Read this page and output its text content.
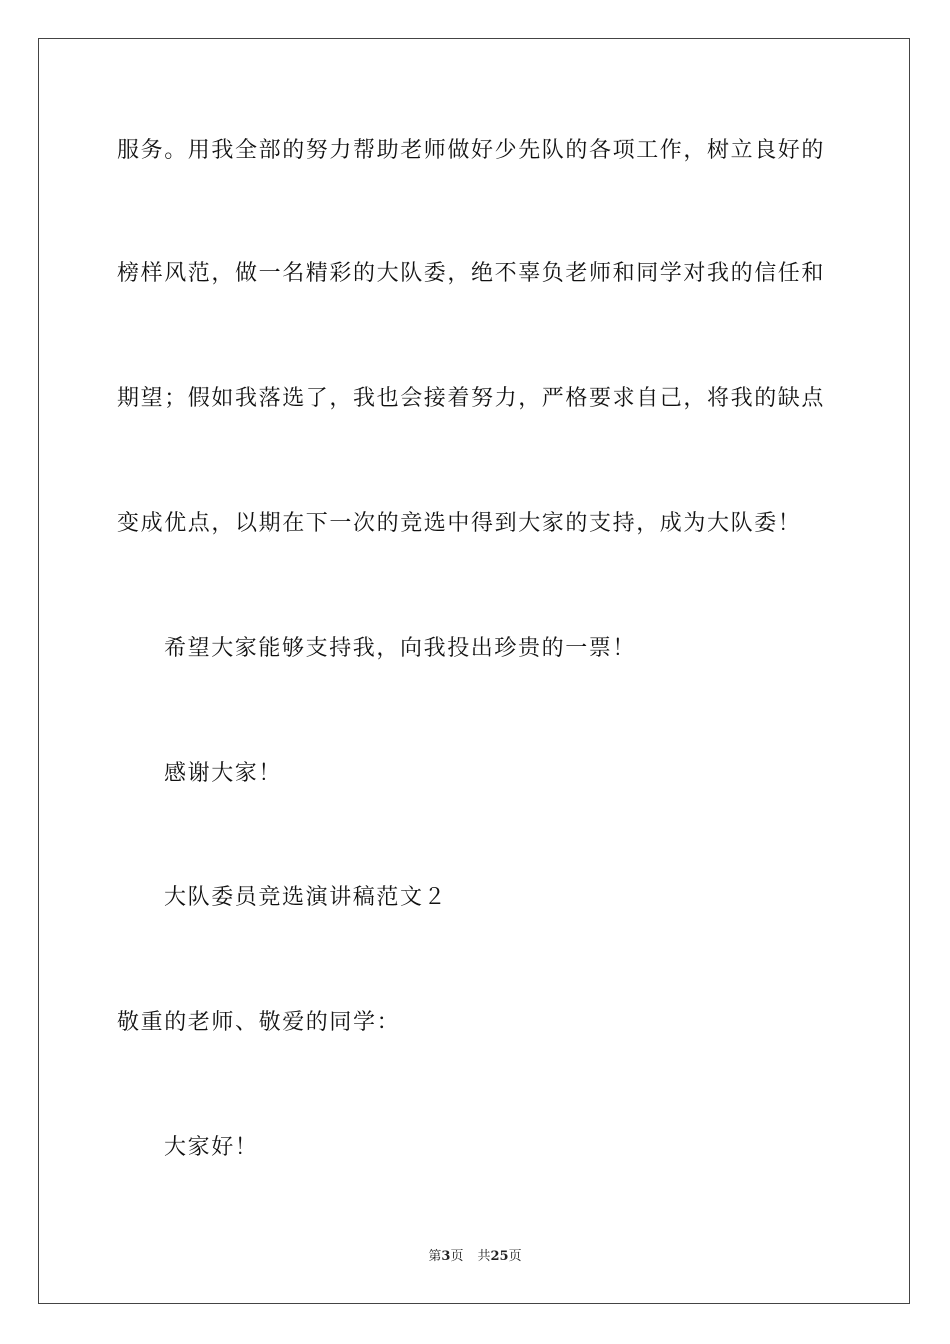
服务。用我全部的努力帮助老师做好少先队的各项工作，树立良好的
榜样风范，做一名精彩的大队委，绝不辜负老师和同学对我的信任和
期望；假如我落选了，我也会接着努力，严格要求自己，将我的缺点
变成优点，以期在下一次的竞选中得到大家的支持，成为大队委！
希望大家能够支持我，向我投出珍贵的一票！
感谢大家！
大队委员竞选演讲稿范文２
敬重的老师、敬爱的同学：
大家好！
第3页 共25页
